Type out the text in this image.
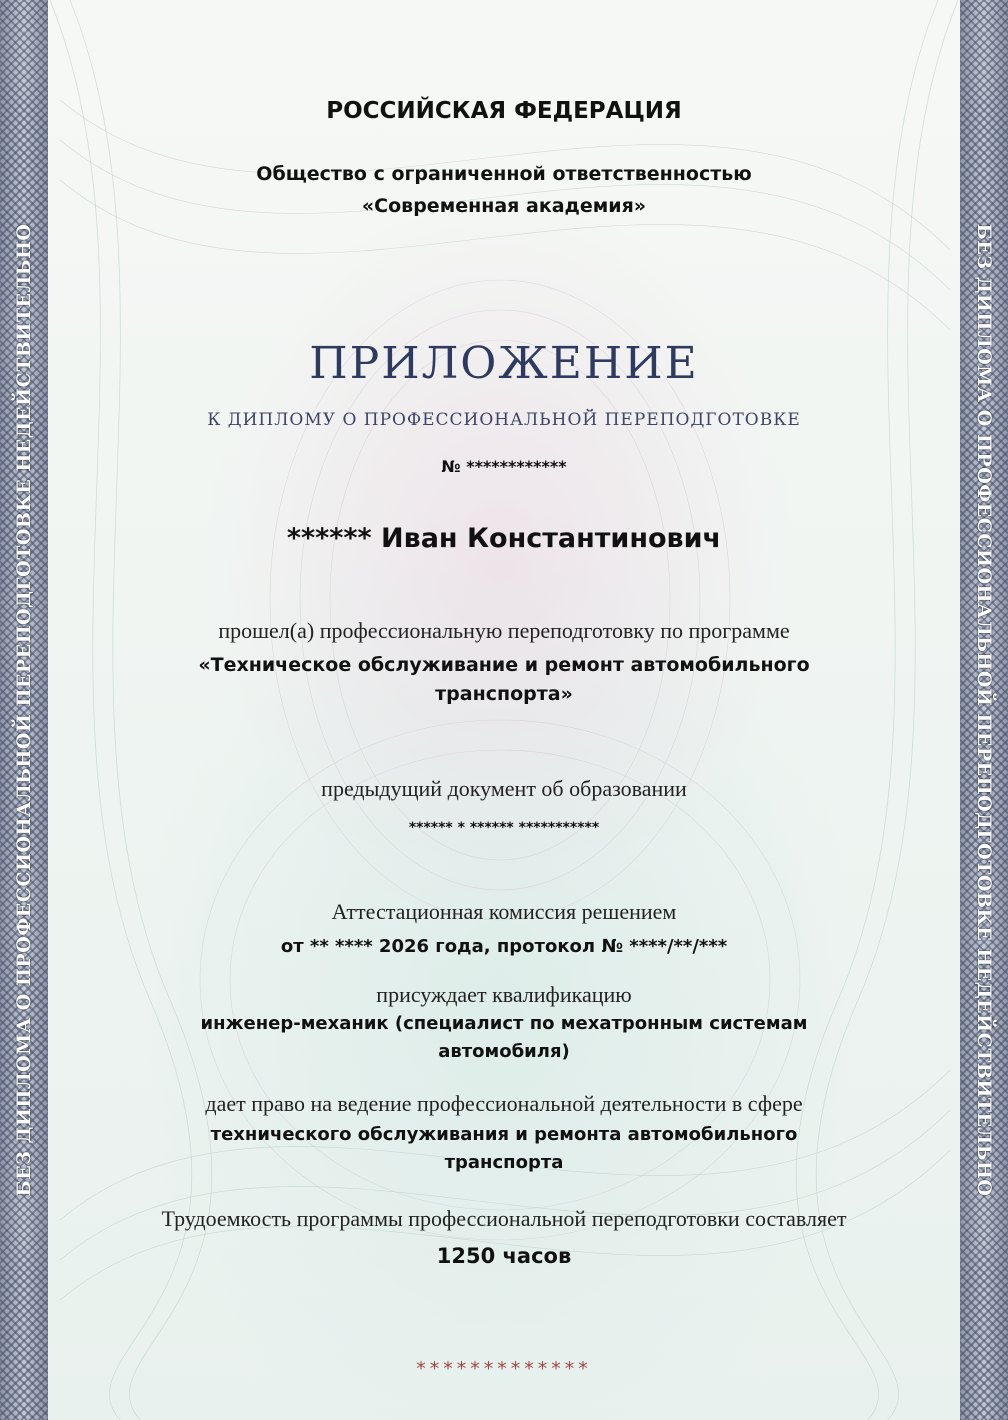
БЕЗ ДИПЛОМА О ПРОФЕССИОНАЛЬНОЙ ПЕРЕПОДГОТОВКЕ НЕДЕЙСТВИТЕЛЬНО	БЕЗ ДИПЛОМА О ПРОФЕССИОНАЛЬНОЙ ПЕРЕПОДГОТОВКЕ НЕДЕЙСТВИТЕЛЬНО
РОССИЙСКАЯ ФЕДЕРАЦИЯ
Общество с ограниченной ответственностью
«Современная академия»
ПРИЛОЖЕНИЕ
К ДИПЛОМУ О ПРОФЕССИОНАЛЬНОЙ ПЕРЕПОДГОТОВКЕ
№ ************
****** Иван Константинович
прошел(а) профессиональную переподготовку по программе
«Техническое обслуживание и ремонт автомобильного
транспорта»
предыдущий документ об образовании
****** * ****** ***********
Аттестационная комиссия решением
от ** **** 2026 года, протокол № ****/**/***
присуждает квалификацию
инженер-механик (специалист по мехатронным системам
автомобиля)
дает право на ведение профессиональной деятельности в сфере
технического обслуживания и ремонта автомобильного
транспорта
Трудоемкость программы профессиональной переподготовки составляет
1250 часов
*************
